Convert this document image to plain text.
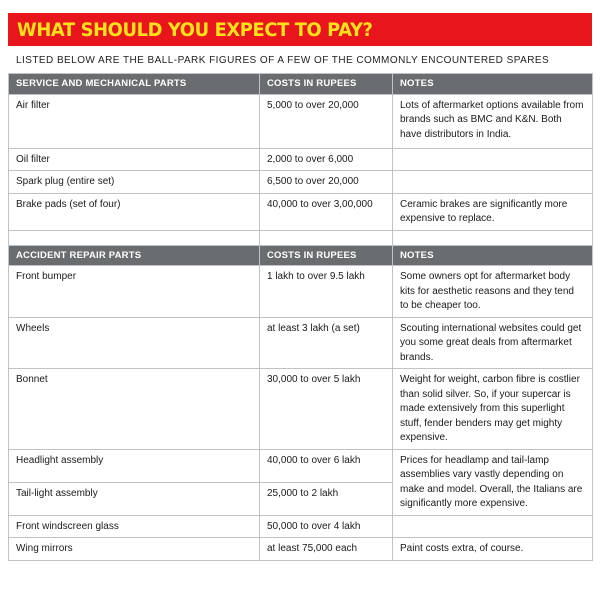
WHAT SHOULD YOU EXPECT TO PAY?
LISTED BELOW ARE THE BALL-PARK FIGURES OF A FEW OF THE COMMONLY ENCOUNTERED SPARES
SERVICE AND MECHANICAL PARTS	COSTS IN RUPEES	NOTES
Air filter	5,000 to over 20,000	Lots of aftermarket options available from brands such as BMC and K&N. Both have distributors in India.
Oil filter	2,000 to over 6,000	
Spark plug (entire set)	6,500 to over 20,000	
Brake pads (set of four)	40,000 to over 3,00,000	Ceramic brakes are significantly more expensive to replace.

ACCIDENT REPAIR PARTS	COSTS IN RUPEES	NOTES
Front bumper	1 lakh to over 9.5 lakh	Some owners opt for aftermarket body kits for aesthetic reasons and they tend to be cheaper too.
Wheels	at least 3 lakh (a set)	Scouting international websites could get you some great deals from aftermarket brands.
Bonnet	30,000 to over 5 lakh	Weight for weight, carbon fibre is costlier than solid silver. So, if your supercar is made extensively from this superlight stuff, fender benders may get mighty expensive.
Headlight assembly	40,000 to over 6 lakh	Prices for headlamp and tail-lamp assemblies vary vastly depending on make and model. Overall, the Italians are significantly more expensive.
Tail-light assembly	25,000 to 2 lakh	
Front windscreen glass	50,000 to over 4 lakh	
Wing mirrors	at least 75,000 each	Paint costs extra, of course.
